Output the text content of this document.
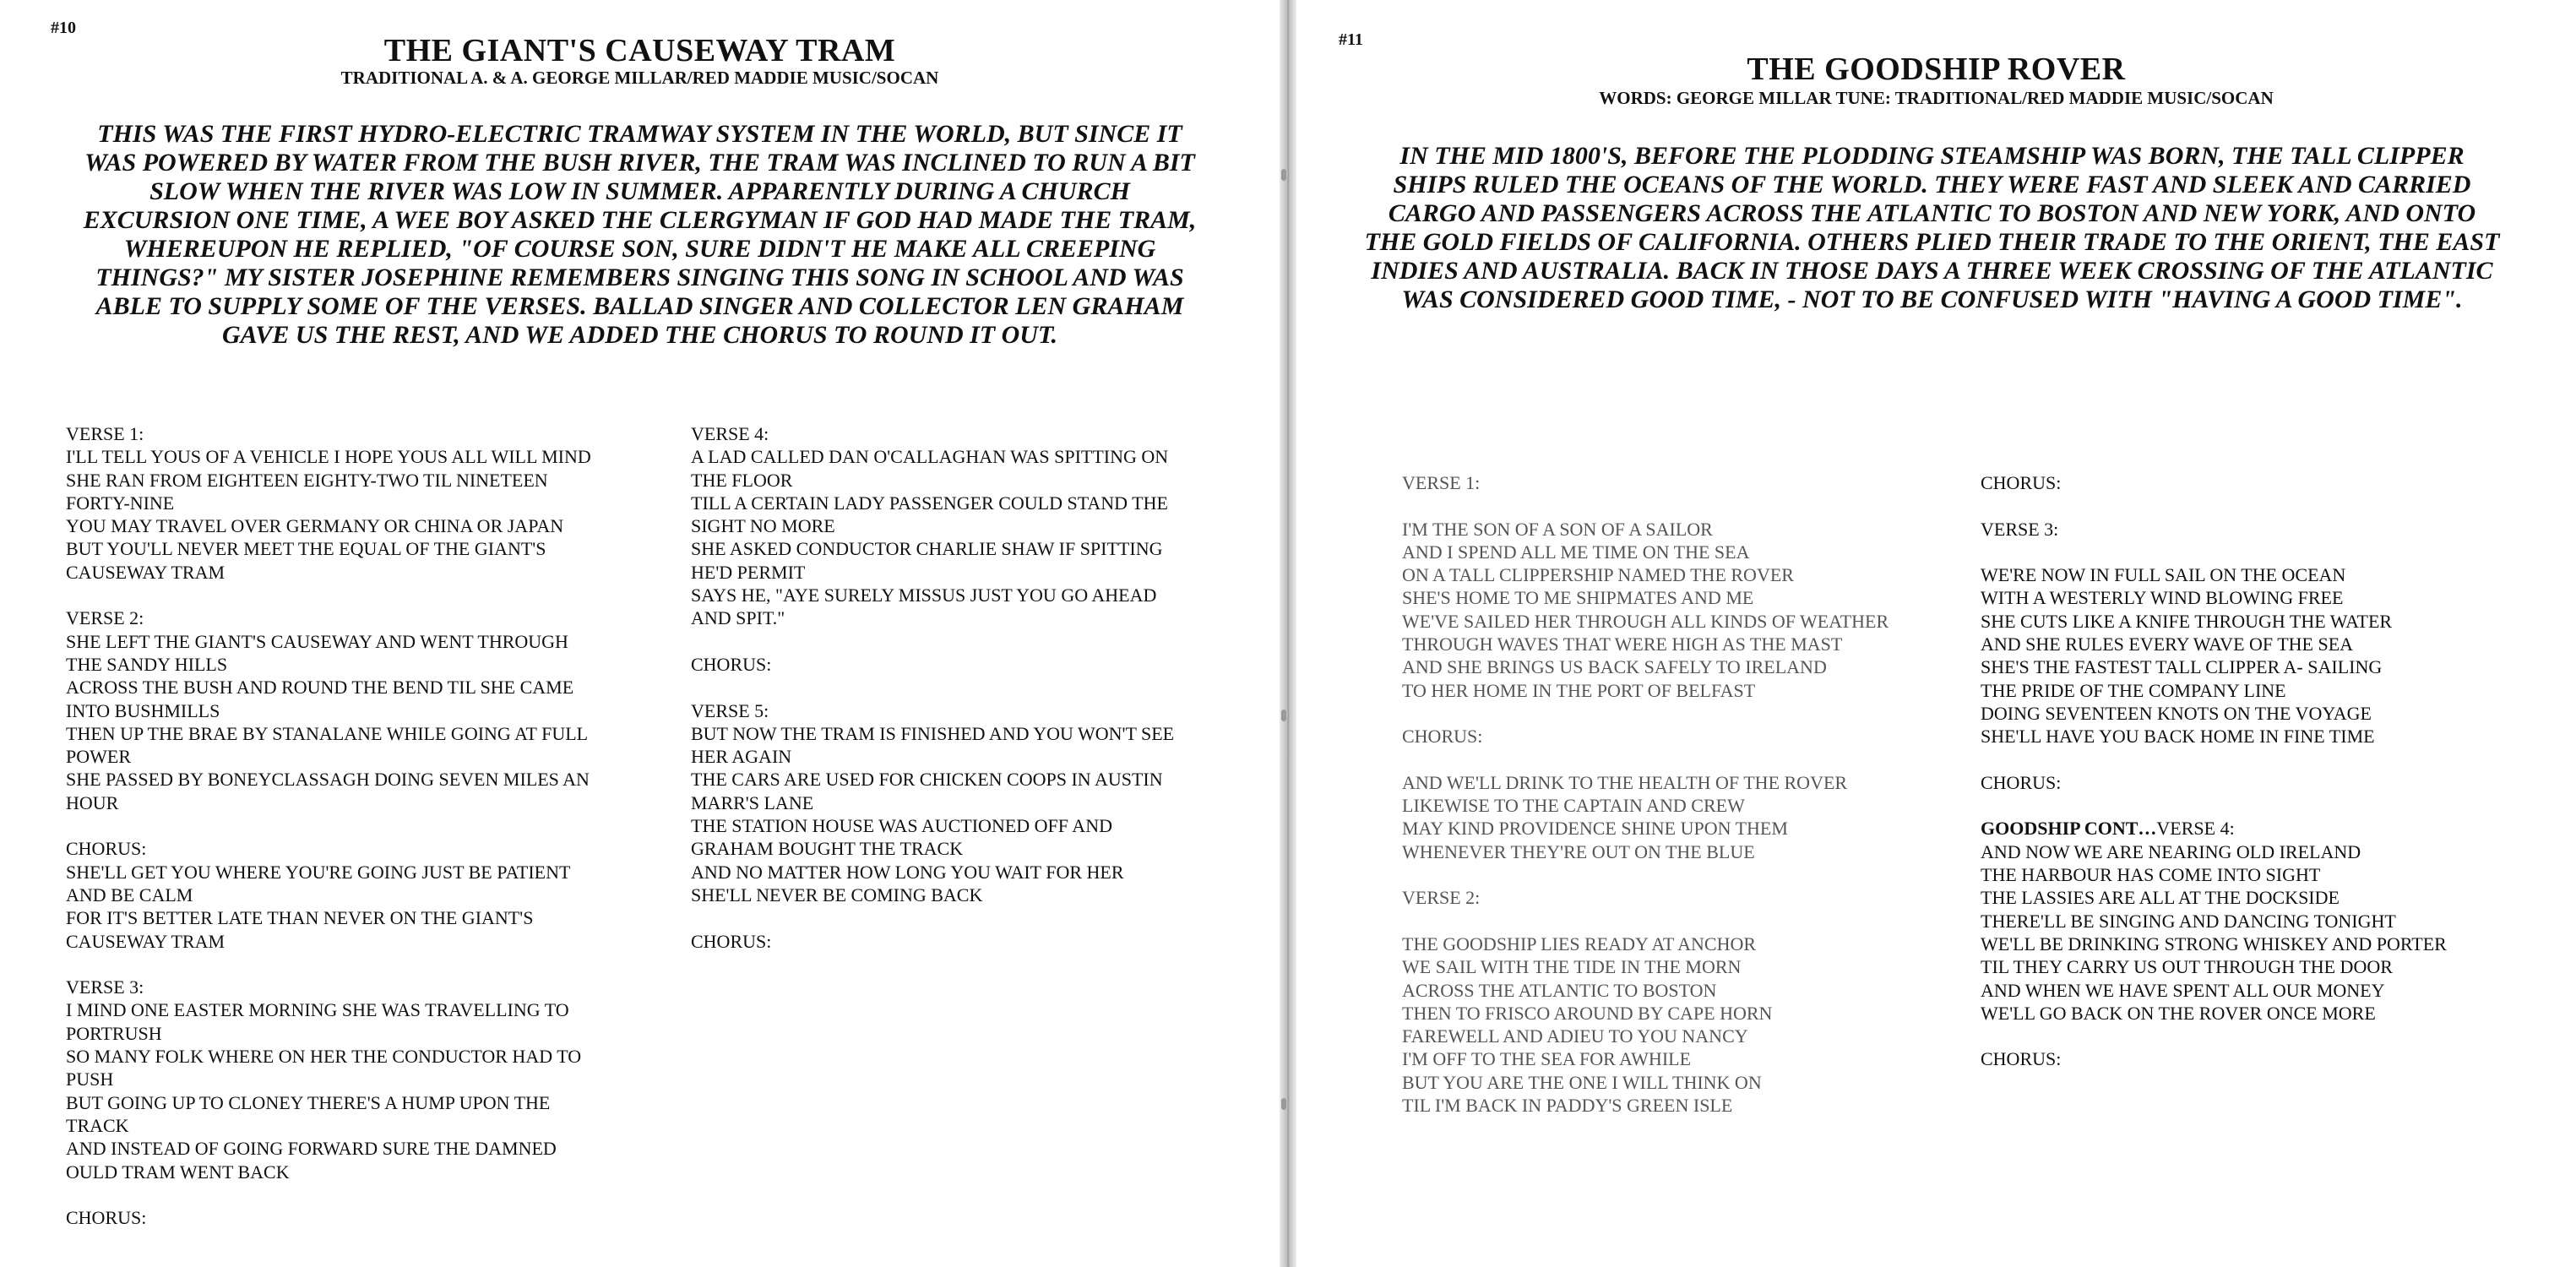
#10
THE GIANT'S CAUSEWAY TRAM
TRADITIONAL A. & A. GEORGE MILLAR/RED MADDIE MUSIC/SOCAN

THIS WAS THE FIRST HYDRO-ELECTRIC TRAMWAY SYSTEM IN THE WORLD, BUT SINCE IT

WAS POWERED BY WATER FROM THE BUSH RIVER, THE TRAM WAS INCLINED TO RUN A BIT

SLOW WHEN THE RIVER WAS LOW IN SUMMER. APPARENTLY DURING A CHURCH

EXCURSION ONE TIME, A WEE BOY ASKED THE CLERGYMAN IF GOD HAD MADE THE TRAM,

WHEREUPON HE REPLIED, "OF COURSE SON, SURE DIDN'T HE MAKE ALL CREEPING

THINGS?" MY SISTER JOSEPHINE REMEMBERS SINGING THIS SONG IN SCHOOL AND WAS

ABLE TO SUPPLY SOME OF THE VERSES. BALLAD SINGER AND COLLECTOR LEN GRAHAM

GAVE US THE REST, AND WE ADDED THE CHORUS TO ROUND IT OUT.

VERSE 1:
I'LL TELL YOUS OF A VEHICLE I HOPE YOUS ALL WILL MIND
SHE RAN FROM EIGHTEEN EIGHTY-TWO TIL NINETEEN
FORTY-NINE
YOU MAY TRAVEL OVER GERMANY OR CHINA OR JAPAN
BUT YOU'LL NEVER MEET THE EQUAL OF THE GIANT'S
CAUSEWAY TRAM
VERSE 2:
SHE LEFT THE GIANT'S CAUSEWAY AND WENT THROUGH
THE SANDY HILLS
ACROSS THE BUSH AND ROUND THE BEND TIL SHE CAME
INTO BUSHMILLS
THEN UP THE BRAE BY STANALANE WHILE GOING AT FULL
POWER
SHE PASSED BY BONEYCLASSAGH DOING SEVEN MILES AN
HOUR
CHORUS:
SHE'LL GET YOU WHERE YOU'RE GOING JUST BE PATIENT
AND BE CALM
FOR IT'S BETTER LATE THAN NEVER ON THE GIANT'S
CAUSEWAY TRAM
VERSE 3:
I MIND ONE EASTER MORNING SHE WAS TRAVELLING TO
PORTRUSH
SO MANY FOLK WHERE ON HER THE CONDUCTOR HAD TO
PUSH
BUT GOING UP TO CLONEY THERE'S A HUMP UPON THE
TRACK
AND INSTEAD OF GOING FORWARD SURE THE DAMNED
OULD TRAM WENT BACK
CHORUS:
VERSE 4:
A LAD CALLED DAN O'CALLAGHAN WAS SPITTING ON
THE FLOOR
TILL A CERTAIN LADY PASSENGER COULD STAND THE
SIGHT NO MORE
SHE ASKED CONDUCTOR CHARLIE SHAW IF SPITTING
HE'D PERMIT
SAYS HE, "AYE SURELY MISSUS JUST YOU GO AHEAD
AND SPIT."
CHORUS:
VERSE 5:
BUT NOW THE TRAM IS FINISHED AND YOU WON'T SEE
HER AGAIN
THE CARS ARE USED FOR CHICKEN COOPS IN AUSTIN
MARR'S LANE
THE STATION HOUSE WAS AUCTIONED OFF AND
GRAHAM BOUGHT THE TRACK
AND NO MATTER HOW LONG YOU WAIT FOR HER
SHE'LL NEVER BE COMING BACK
CHORUS:
#11
THE GOODSHIP ROVER
WORDS: GEORGE MILLAR TUNE: TRADITIONAL/RED MADDIE MUSIC/SOCAN

IN THE MID 1800'S, BEFORE THE PLODDING STEAMSHIP WAS BORN, THE TALL CLIPPER

SHIPS RULED THE OCEANS OF THE WORLD. THEY WERE FAST AND SLEEK AND CARRIED

CARGO AND PASSENGERS ACROSS THE ATLANTIC TO BOSTON AND NEW YORK, AND ONTO

THE GOLD FIELDS OF CALIFORNIA. OTHERS PLIED THEIR TRADE TO THE ORIENT, THE EAST

INDIES AND AUSTRALIA. BACK IN THOSE DAYS A THREE WEEK CROSSING OF THE ATLANTIC

WAS CONSIDERED GOOD TIME, - NOT TO BE CONFUSED WITH "HAVING A GOOD TIME".

VERSE 1:
I'M THE SON OF A SON OF A SAILOR
AND I SPEND ALL ME TIME ON THE SEA
ON A TALL CLIPPERSHIP NAMED THE ROVER
SHE'S HOME TO ME SHIPMATES AND ME
WE'VE SAILED HER THROUGH ALL KINDS OF WEATHER
THROUGH WAVES THAT WERE HIGH AS THE MAST
AND SHE BRINGS US BACK SAFELY TO IRELAND
TO HER HOME IN THE PORT OF BELFAST
CHORUS:
AND WE'LL DRINK TO THE HEALTH OF THE ROVER
LIKEWISE TO THE CAPTAIN AND CREW
MAY KIND PROVIDENCE SHINE UPON THEM
WHENEVER THEY'RE OUT ON THE BLUE
VERSE 2:
THE GOODSHIP LIES READY AT ANCHOR
WE SAIL WITH THE TIDE IN THE MORN
ACROSS THE ATLANTIC TO BOSTON
THEN TO FRISCO AROUND BY CAPE HORN
FAREWELL AND ADIEU TO YOU NANCY
I'M OFF TO THE SEA FOR AWHILE
BUT YOU ARE THE ONE I WILL THINK ON
TIL I'M BACK IN PADDY'S GREEN ISLE
CHORUS:
VERSE 3:
WE'RE NOW IN FULL SAIL ON THE OCEAN
WITH A WESTERLY WIND BLOWING FREE
SHE CUTS LIKE A KNIFE THROUGH THE WATER
AND SHE RULES EVERY WAVE OF THE SEA
SHE'S THE FASTEST TALL CLIPPER A- SAILING
THE PRIDE OF THE COMPANY LINE
DOING SEVENTEEN KNOTS ON THE VOYAGE
SHE'LL HAVE YOU BACK HOME IN FINE TIME
CHORUS:
GOODSHIP CONT…VERSE 4:
AND NOW WE ARE NEARING OLD IRELAND
THE HARBOUR HAS COME INTO SIGHT
THE LASSIES ARE ALL AT THE DOCKSIDE
THERE'LL BE SINGING AND DANCING TONIGHT
WE'LL BE DRINKING STRONG WHISKEY AND PORTER
TIL THEY CARRY US OUT THROUGH THE DOOR
AND WHEN WE HAVE SPENT ALL OUR MONEY
WE'LL GO BACK ON THE ROVER ONCE MORE
CHORUS:
